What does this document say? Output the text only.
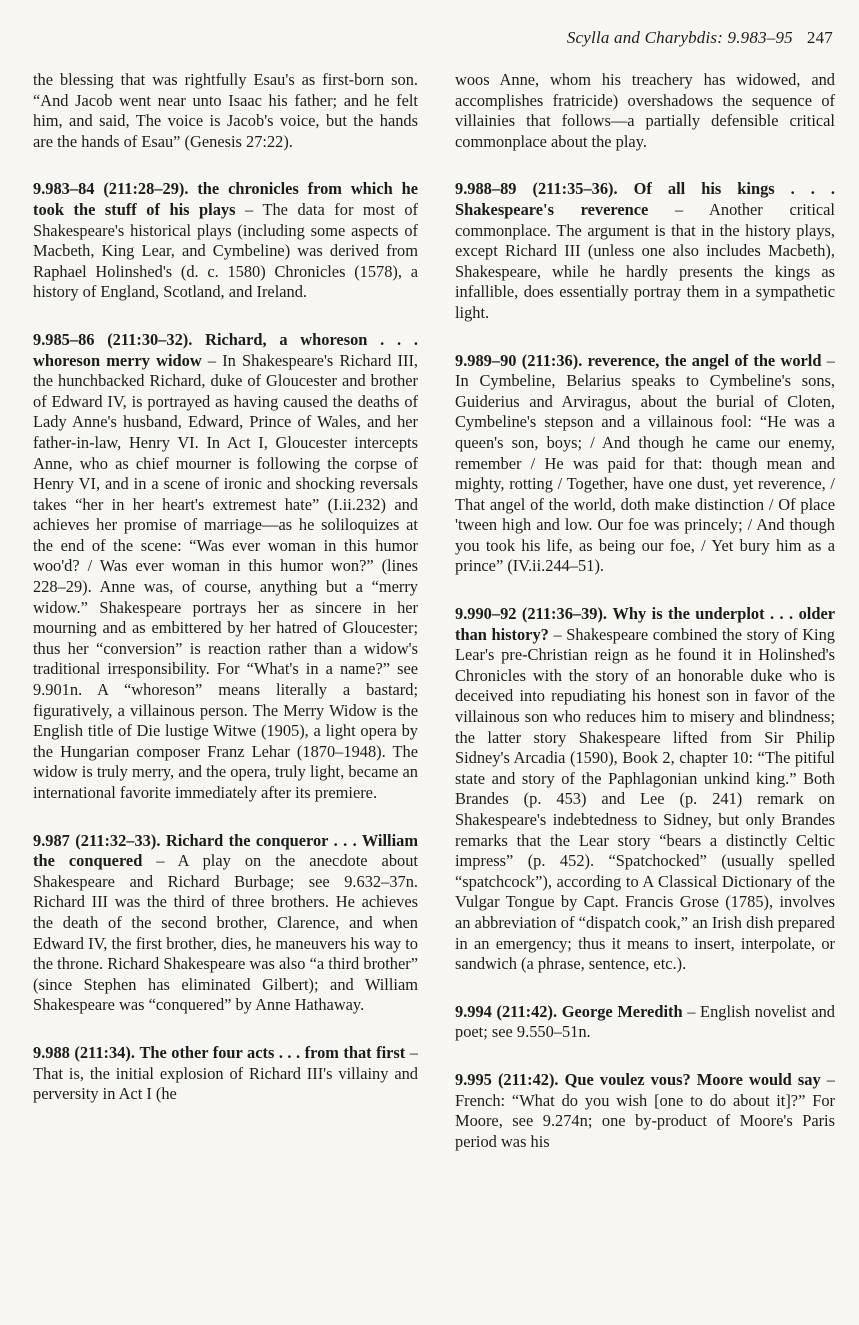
Scylla and Charybdis: 9.983–95 247

the blessing that was rightfully Esau's as first-born son. “And Jacob went near unto Isaac his father; and he felt him, and said, The voice is Jacob's voice, but the hands are the hands of Esau” (Genesis 27:22).

9.983–84 (211:28–29). the chronicles from which he took the stuff of his plays – The data for most of Shakespeare's historical plays (including some aspects of Macbeth, King Lear, and Cymbeline) was derived from Raphael Holinshed's (d. c. 1580) Chronicles (1578), a history of England, Scotland, and Ireland.

9.985–86 (211:30–32). Richard, a whoreson . . . whoreson merry widow – In Shakespeare's Richard III, the hunchbacked Richard, duke of Gloucester and brother of Edward IV, is portrayed as having caused the deaths of Lady Anne's husband, Edward, Prince of Wales, and her father-in-law, Henry VI. In Act I, Gloucester intercepts Anne, who as chief mourner is following the corpse of Henry VI, and in a scene of ironic and shocking reversals takes “her in her heart's extremest hate” (I.ii.232) and achieves her promise of marriage—as he soliloquizes at the end of the scene: “Was ever woman in this humor woo'd? / Was ever woman in this humor won?” (lines 228–29). Anne was, of course, anything but a “merry widow.” Shakespeare portrays her as sincere in her mourning and as embittered by her hatred of Gloucester; thus her “conversion” is reaction rather than a widow's traditional irresponsibility. For “What's in a name?” see 9.901n. A “whoreson” means literally a bastard; figuratively, a villainous person. The Merry Widow is the English title of Die lustige Witwe (1905), a light opera by the Hungarian composer Franz Lehar (1870–1948). The widow is truly merry, and the opera, truly light, became an international favorite immediately after its premiere.

9.987 (211:32–33). Richard the conqueror . . . William the conquered – A play on the anecdote about Shakespeare and Richard Burbage; see 9.632–37n. Richard III was the third of three brothers. He achieves the death of the second brother, Clarence, and when Edward IV, the first brother, dies, he maneuvers his way to the throne. Richard Shakespeare was also “a third brother” (since Stephen has eliminated Gilbert); and William Shakespeare was “conquered” by Anne Hathaway.

9.988 (211:34). The other four acts . . . from that first – That is, the initial explosion of Richard III's villainy and perversity in Act I (he

woos Anne, whom his treachery has widowed, and accomplishes fratricide) overshadows the sequence of villainies that follows—a partially defensible critical commonplace about the play.

9.988–89 (211:35–36). Of all his kings . . . Shakespeare's reverence – Another critical commonplace. The argument is that in the history plays, except Richard III (unless one also includes Macbeth), Shakespeare, while he hardly presents the kings as infallible, does essentially portray them in a sympathetic light.

9.989–90 (211:36). reverence, the angel of the world – In Cymbeline, Belarius speaks to Cymbeline's sons, Guiderius and Arviragus, about the burial of Cloten, Cymbeline's stepson and a villainous fool: “He was a queen's son, boys; / And though he came our enemy, remember / He was paid for that: though mean and mighty, rotting / Together, have one dust, yet reverence, / That angel of the world, doth make distinction / Of place 'tween high and low. Our foe was princely; / And though you took his life, as being our foe, / Yet bury him as a prince” (IV.ii.244–51).

9.990–92 (211:36–39). Why is the underplot . . . older than history? – Shakespeare combined the story of King Lear's pre-Christian reign as he found it in Holinshed's Chronicles with the story of an honorable duke who is deceived into repudiating his honest son in favor of the villainous son who reduces him to misery and blindness; the latter story Shakespeare lifted from Sir Philip Sidney's Arcadia (1590), Book 2, chapter 10: “The pitiful state and story of the Paphlagonian unkind king.” Both Brandes (p. 453) and Lee (p. 241) remark on Shakespeare's indebtedness to Sidney, but only Brandes remarks that the Lear story “bears a distinctly Celtic impress” (p. 452). “Spatchocked” (usually spelled “spatchcock”), according to A Classical Dictionary of the Vulgar Tongue by Capt. Francis Grose (1785), involves an abbreviation of “dispatch cook,” an Irish dish prepared in an emergency; thus it means to insert, interpolate, or sandwich (a phrase, sentence, etc.).

9.994 (211:42). George Meredith – English novelist and poet; see 9.550–51n.

9.995 (211:42). Que voulez vous? Moore would say – French: “What do you wish [one to do about it]?” For Moore, see 9.274n; one by-product of Moore's Paris period was his
